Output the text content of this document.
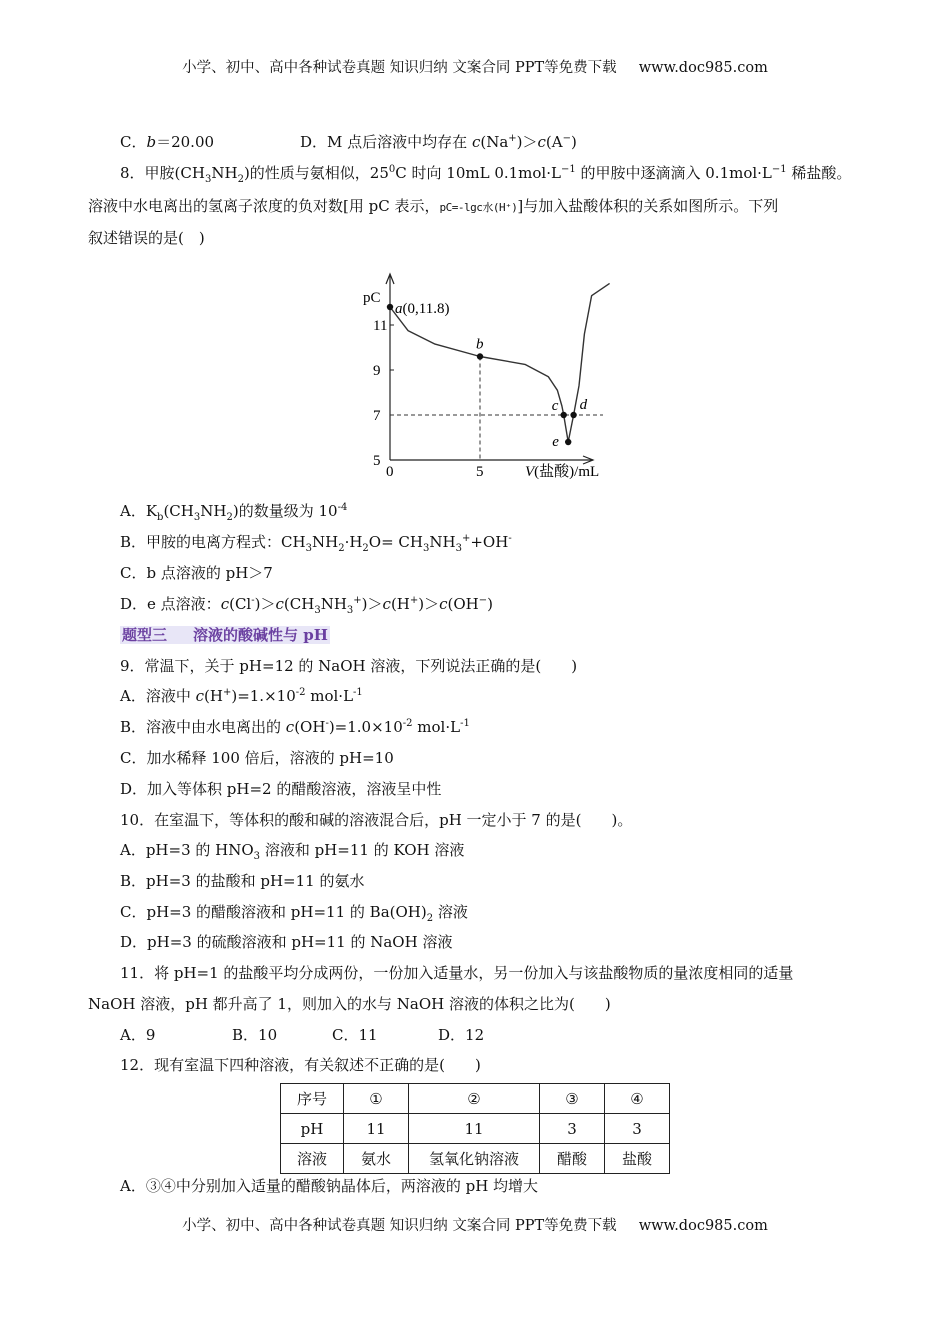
小学、初中、高中各种试卷真题 知识归纳 文案合同 PPT等免费下载 www.doc985.com
C．b＝20.00	D．M 点后溶液中均存在 c(Na+)＞c(A−)
8．甲胺$(CH_3NH_2)$的性质与氨相似，$25^0C$ 时向 10mL $0.1mol\cdot L^{-1}$ 的甲胺中逐滴滴入 $0.1mol\cdot L^{-1}$ 稀盐酸。
溶液中水电离出的氢离子浓度的负对数[用 pC 表示，pC=-lgc水(H⁺)]与加入盐酸体积的关系如图所示。下列
叙述错误的是(　)
pC
5
7
9
11
0	5	V(盐酸)/mL
a(0,11.8)
b
c d
e
A．$K_b(CH_3NH_2)$的数量级为 $10^{-4}$
B．甲胺的电离方程式：$CH_3NH_2\cdot H_2O= CH_3NH_3^++OH^-$
C．b 点溶液的 pH＞7
D．e 点溶液：$c(Cl^-)>c(CH_3NH_3^+)>c(H^+)>c(OH^-)$
题型三 溶液的酸碱性与 pH
9．常温下，关于 pH=12 的 NaOH 溶液，下列说法正确的是(　　)
A．溶液中 $c(H^+)=1.\times 10^{-2}$ $mol\cdot L^{-1}$
B．溶液中由水电离出的 $c(OH^-)=1.0\times 10^{-2}$ $mol\cdot L^{-1}$
C．加水稀释 100 倍后，溶液的 pH=10
D．加入等体积 pH=2 的醋酸溶液，溶液呈中性
10．在室温下，等体积的酸和碱的溶液混合后，pH 一定小于 7 的是(　　)。
A．pH=3 的 $HNO_3$ 溶液和 pH=11 的 KOH 溶液
B．pH=3 的盐酸和 pH=11 的氨水
C．pH=3 的醋酸溶液和 pH=11 的 $Ba(OH)_2$ 溶液
D．pH=3 的硫酸溶液和 pH=11 的 NaOH 溶液
11．将 pH=1 的盐酸平均分成两份，一份加入适量水，另一份加入与该盐酸物质的量浓度相同的适量
NaOH 溶液，pH 都升高了 1，则加入的水与 NaOH 溶液的体积之比为(　　)
A．9	B．10	C．11	D．12
12．现有室温下四种溶液，有关叙述不正确的是(　　)
序号	①	②	③	④
pH	11	11	3	3
溶液	氨水	氢氧化钠溶液	醋酸	盐酸
A．③④中分别加入适量的醋酸钠晶体后，两溶液的 pH 均增大
小学、初中、高中各种试卷真题 知识归纳 文案合同 PPT等免费下载 www.doc985.com
